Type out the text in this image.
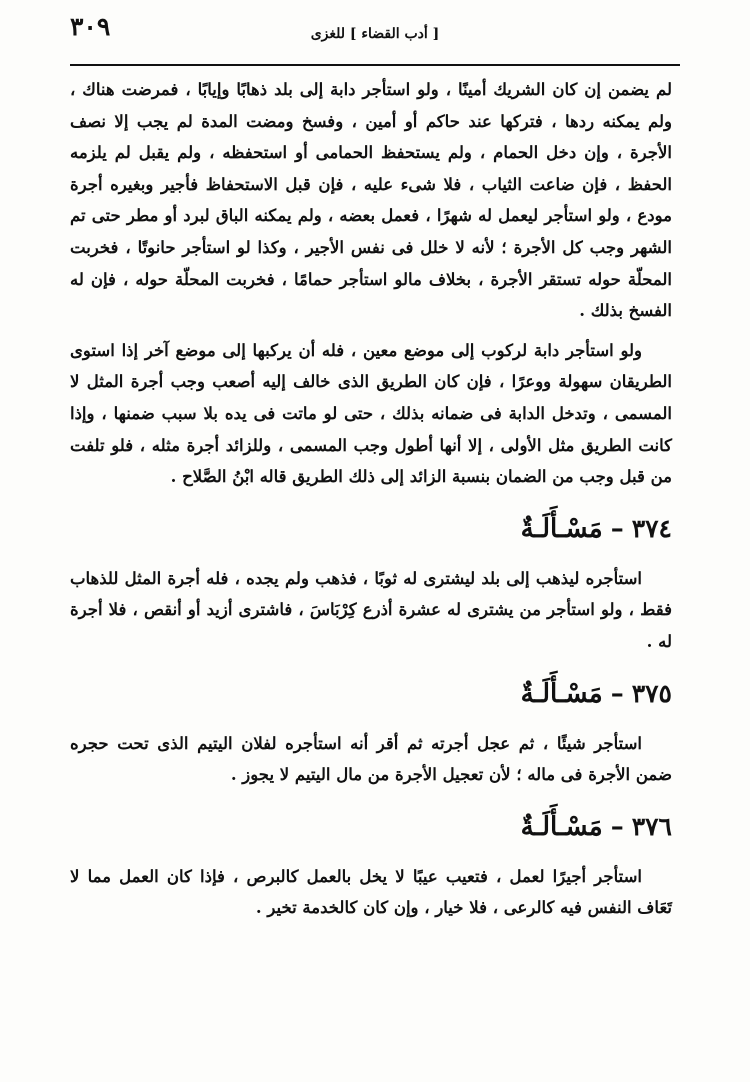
٣٠٩	[ أدب القضاء ] للغزى

لم يضمن إن كان الشريك أمينًا ، ولو استأجر دابة إلى بلد ذهابًا وإيابًا ، فمرضت هناك ، ولم يمكنه ردها ، فتركها عند حاكم أو أمين ، وفسخ ومضت المدة لم يجب إلا نصف الأجرة ، وإن دخل الحمام ، ولم يستحفظ الحمامى أو استحفظه ، ولم يقبل لم يلزمه الحفظ ، فإن ضاعت الثياب ، فلا شىء عليه ، فإن قبل الاستحفاظ فأجير وبغيره أجرة مودع ، ولو استأجر ليعمل له شهرًا ، فعمل بعضه ، ولم يمكنه الباق لبرد أو مطر حتى تم الشهر وجب كل الأجرة ؛ لأنه لا خلل فى نفس الأجير ، وكذا لو استأجر حانوتًا ، فخربت المحلّة حوله تستقر الأجرة ، بخلاف مالو استأجر حمامًا ، فخربت المحلّة حوله ، فإن له الفسخ بذلك .

ولو استأجر دابة لركوب إلى موضع معين ، فله أن يركبها إلى موضع آخر إذا استوى الطريقان سهولة ووعرًا ، فإن كان الطريق الذى خالف إليه أصعب وجب أجرة المثل لا المسمى ، وتدخل الدابة فى ضمانه بذلك ، حتى لو ماتت فى يده بلا سبب ضمنها ، وإذا كانت الطريق مثل الأولى ، إلا أنها أطول وجب المسمى ، وللزائد أجرة مثله ، فلو تلفت من قبل وجب من الضمان بنسبة الزائد إلى ذلك الطريق قاله ابْنُ الصَّلاح .

٣٧٤–مَسْـأَلَـةٌ

استأجره ليذهب إلى بلد ليشترى له ثوبًا ، فذهب ولم يجده ، فله أجرة المثل للذهاب فقط ، ولو استأجر من يشترى له عشرة أذرع كِرْبَاسَ ، فاشترى أزيد أو أنقص ، فلا أجرة له .

٣٧٥–مَسْـأَلَـةٌ

استأجر شيئًا ، ثم عجل أجرته ثم أقر أنه استأجره لفلان اليتيم الذى تحت حجره ضمن الأجرة فى ماله ؛ لأن تعجيل الأجرة من مال اليتيم لا يجوز .

٣٧٦–مَسْـأَلَـةٌ

استأجر أجيرًا لعمل ، فتعيب عيبًا لا يخل بالعمل كالبرص ، فإذا كان العمل مما لا تَعَاف النفس فيه كالرعى ، فلا خيار ، وإن كان كالخدمة تخير .
